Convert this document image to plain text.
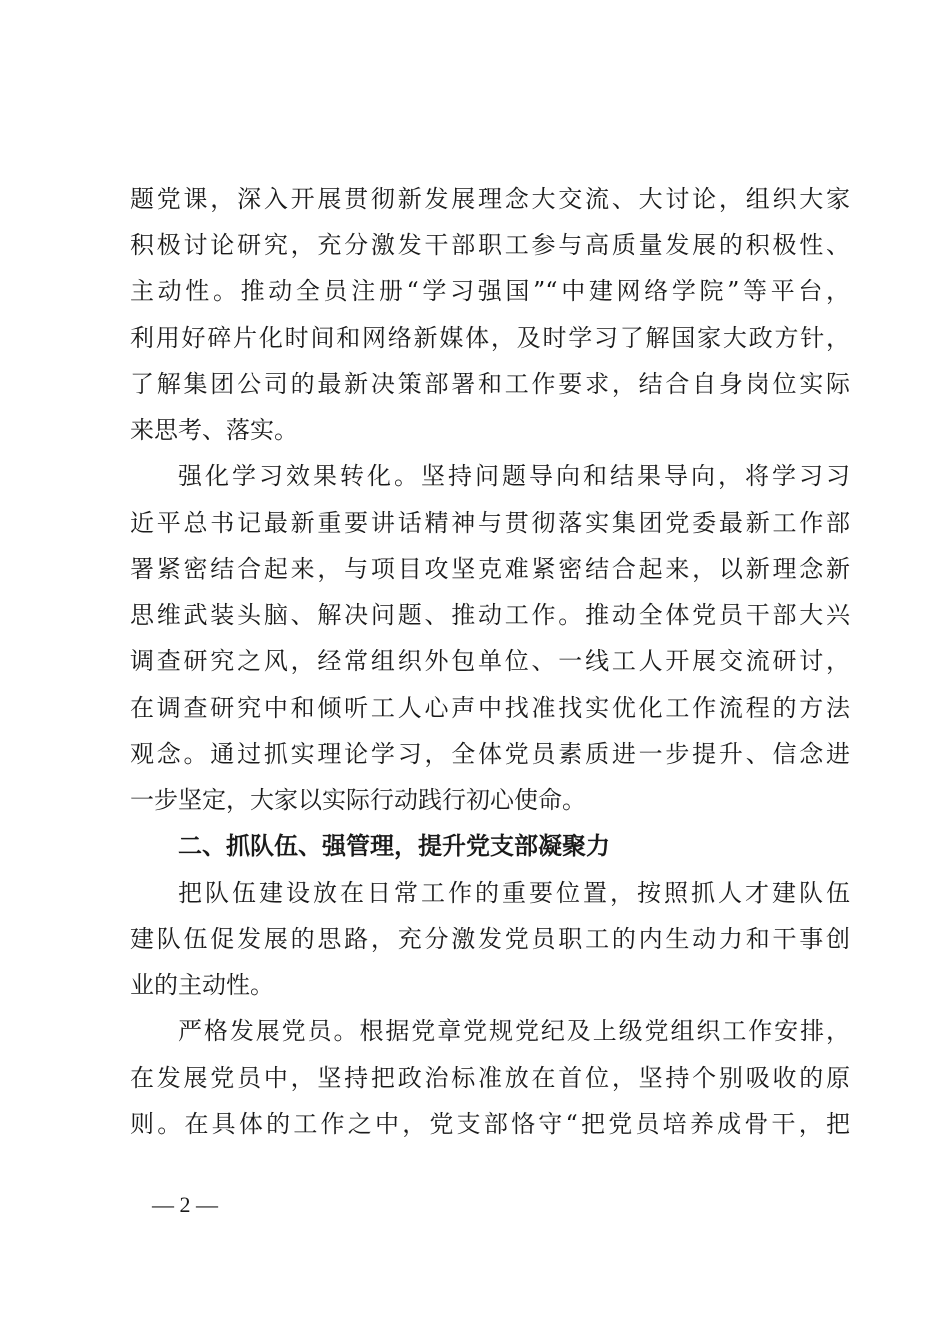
题党课，深入开展贯彻新发展理念大交流、大讨论，组织大家
积极讨论研究，充分激发干部职工参与高质量发展的积极性、
主动性。推动全员注册“学习强国”“中建网络学院”等平台，
利用好碎片化时间和网络新媒体，及时学习了解国家大政方针，
了解集团公司的最新决策部署和工作要求，结合自身岗位实际
来思考、落实。
强化学习效果转化。坚持问题导向和结果导向，将学习习
近平总书记最新重要讲话精神与贯彻落实集团党委最新工作部
署紧密结合起来，与项目攻坚克难紧密结合起来，以新理念新
思维武装头脑、解决问题、推动工作。推动全体党员干部大兴
调查研究之风，经常组织外包单位、一线工人开展交流研讨，
在调查研究中和倾听工人心声中找准找实优化工作流程的方法
观念。通过抓实理论学习，全体党员素质进一步提升、信念进
一步坚定，大家以实际行动践行初心使命。
二、抓队伍、强管理，提升党支部凝聚力
把队伍建设放在日常工作的重要位置，按照抓人才建队伍
建队伍促发展的思路，充分激发党员职工的内生动力和干事创
业的主动性。
严格发展党员。根据党章党规党纪及上级党组织工作安排，
在发展党员中，坚持把政治标准放在首位，坚持个别吸收的原
则。在具体的工作之中，党支部恪守“把党员培养成骨干，把
— 2 —
